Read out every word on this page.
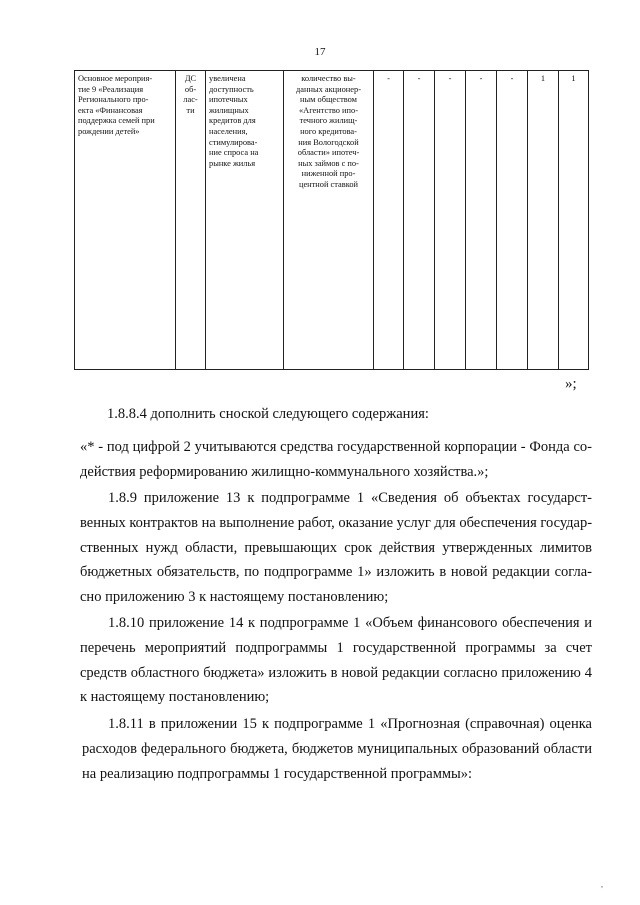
17
Основное мероприя-
тие 9 «Реализация
Регионального про-
екта «Финансовая
поддержка семей при
рождении детей»	ДС
об-
лас-
ти	увеличена
доступность
ипотечных
жилищных
кредитов для
населения,
стимулирова-
ние спроса на
рынке жилья	количество вы-
данных акционер-
ным обществом
«Агентство ипо-
течного жилищ-
ного кредитова-
ния Вологодской
области» ипотеч-
ных займов с по-
ниженной про-
центной ставкой	-	-	-	-	-	1	1
»;
1.8.8.4 дополнить сноской следующего содержания:
«* - под цифрой 2 учитываются средства государственной корпорации - Фонда со-
действия реформированию жилищно-коммунального хозяйства.»;
1.8.9 приложение 13 к подпрограмме 1 «Сведения об объектах государст-
венных контрактов на выполнение работ, оказание услуг для обеспечения государ-
ственных нужд области, превышающих срок действия утвержденных лимитов
бюджетных обязательств, по подпрограмме 1» изложить в новой редакции согла-
сно приложению 3 к настоящему постановлению;
1.8.10 приложение 14 к подпрограмме 1 «Объем финансового обеспечения и
перечень мероприятий подпрограммы 1 государственной программы за счет
средств областного бюджета» изложить в новой редакции согласно приложению 4
к настоящему постановлению;
1.8.11 в приложении 15 к подпрограмме 1 «Прогнозная (справочная) оценка
расходов федерального бюджета, бюджетов муниципальных образований области
на реализацию подпрограммы 1 государственной программы»:
,
